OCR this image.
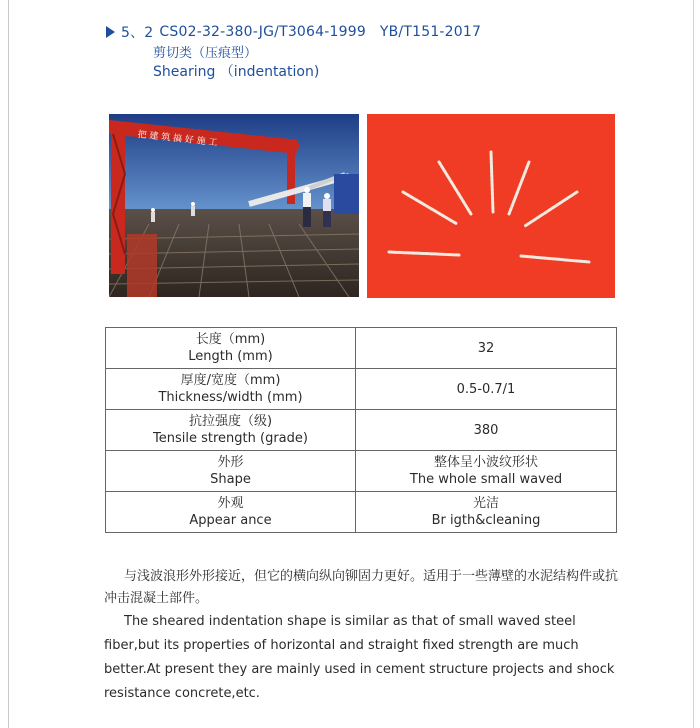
5、2 CS02-32-380-JG/T3064-1999   YB/T151-2017
剪切类（压痕型）
Shearing （indentation)
把 建 筑 搞 好 施 工
长度（mm)
Length (mm)	32

厚度/宽度（mm)
Thickness/width (mm)	0.5-0.7/1

抗拉强度（级)
Tensile strength (grade)	380

外形
Shape	整体呈小波纹形状
The whole small waved

外观
Appear ance	光洁
Br igth&cleaning

与浅波浪形外形接近，但它的横向纵向铆固力更好。适用于一些薄壁的水泥结构件或抗冲击混凝土部件。

The sheared indentation shape is similar as that of small waved steel fiber,but its properties of horizontal and straight fixed strength are much better.At present they are mainly used in cement structure projects and shock resistance concrete,etc.
